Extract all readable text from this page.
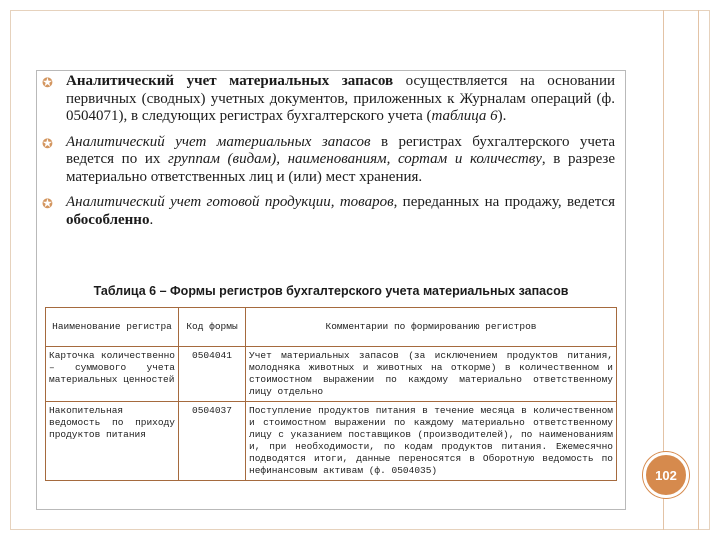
✪ Аналитический учет материальных запасов осуществляется на основании первичных (сводных) учетных документов, приложенных к Журналам операций (ф. 0504071), в следующих регистрах бухгалтерского учета (таблица 6).
✪ Аналитический учет материальных запасов в регистрах бухгалтерского учета ведется по их группам (видам), наименованиям, сортам и количеству, в разрезе материально ответственных лиц и (или) мест хранения.
✪ Аналитический учет готовой продукции, товаров, переданных на продажу, ведется обособленно.
Таблица 6 – Формы регистров бухгалтерского учета материальных запасов
Наименование регистра	Код формы	Комментарии по формированию регистров
Карточка количественно – суммового учета материальных ценностей	0504041	Учет материальных запасов (за исключением продуктов питания, молодняка животных и животных на откорме) в количественном и стоимостном выражении по каждому материально ответственному лицу отдельно
Накопительная ведомость по приходу продуктов питания	0504037	Поступление продуктов питания в течение месяца в количественном и стоимостном выражении по каждому материально ответственному лицу с указанием поставщиков (производителей), по наименованиям и, при необходимости, по кодам продуктов питания. Ежемесячно подводятся итоги, данные переносятся в Оборотную ведомость по нефинансовым активам (ф. 0504035)	102
